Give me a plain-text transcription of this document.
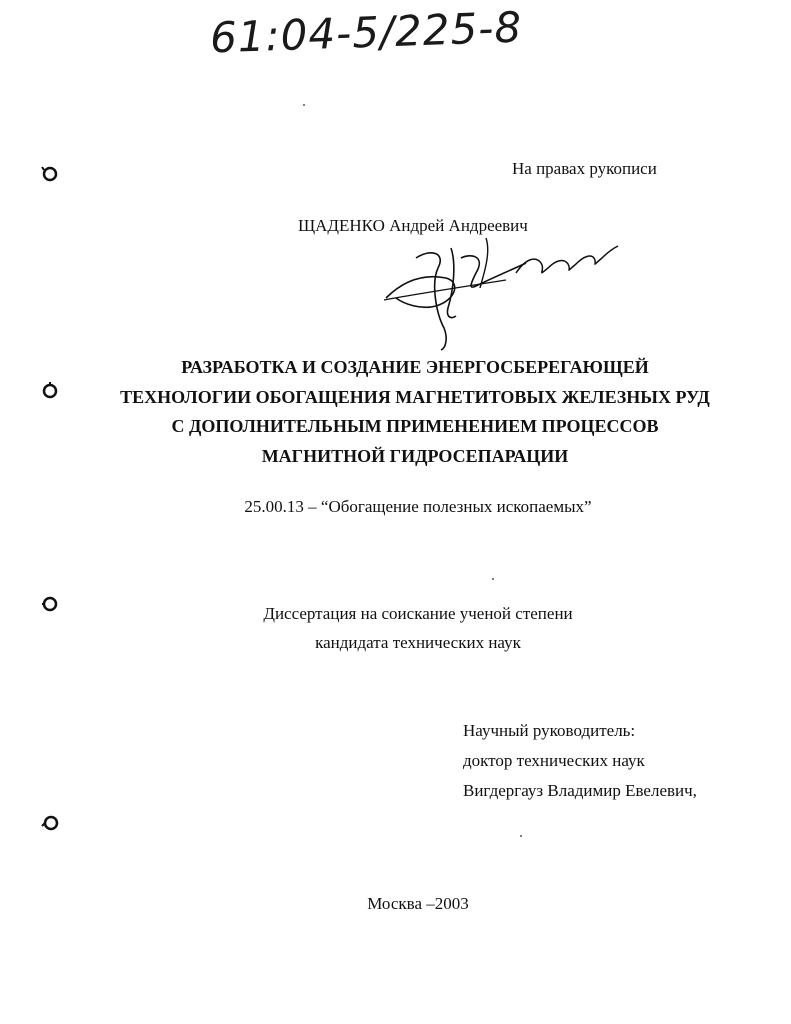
61:04-5/225-8
На правах рукописи
ЩАДЕНКО Андрей Андреевич
РАЗРАБОТКА И СОЗДАНИЕ ЭНЕРГОСБЕРЕГАЮЩЕЙ
ТЕХНОЛОГИИ ОБОГАЩЕНИЯ МАГНЕТИТОВЫХ ЖЕЛЕЗНЫХ РУД
С ДОПОЛНИТЕЛЬНЫМ ПРИМЕНЕНИЕМ ПРОЦЕССОВ
МАГНИТНОЙ ГИДРОСЕПАРАЦИИ
25.00.13 – “Обогащение полезных ископаемых”
Диссертация на соискание ученой степени
кандидата технических наук
Научный руководитель:
доктор технических наук
Вигдергауз Владимир Евелевич,
Москва –2003
